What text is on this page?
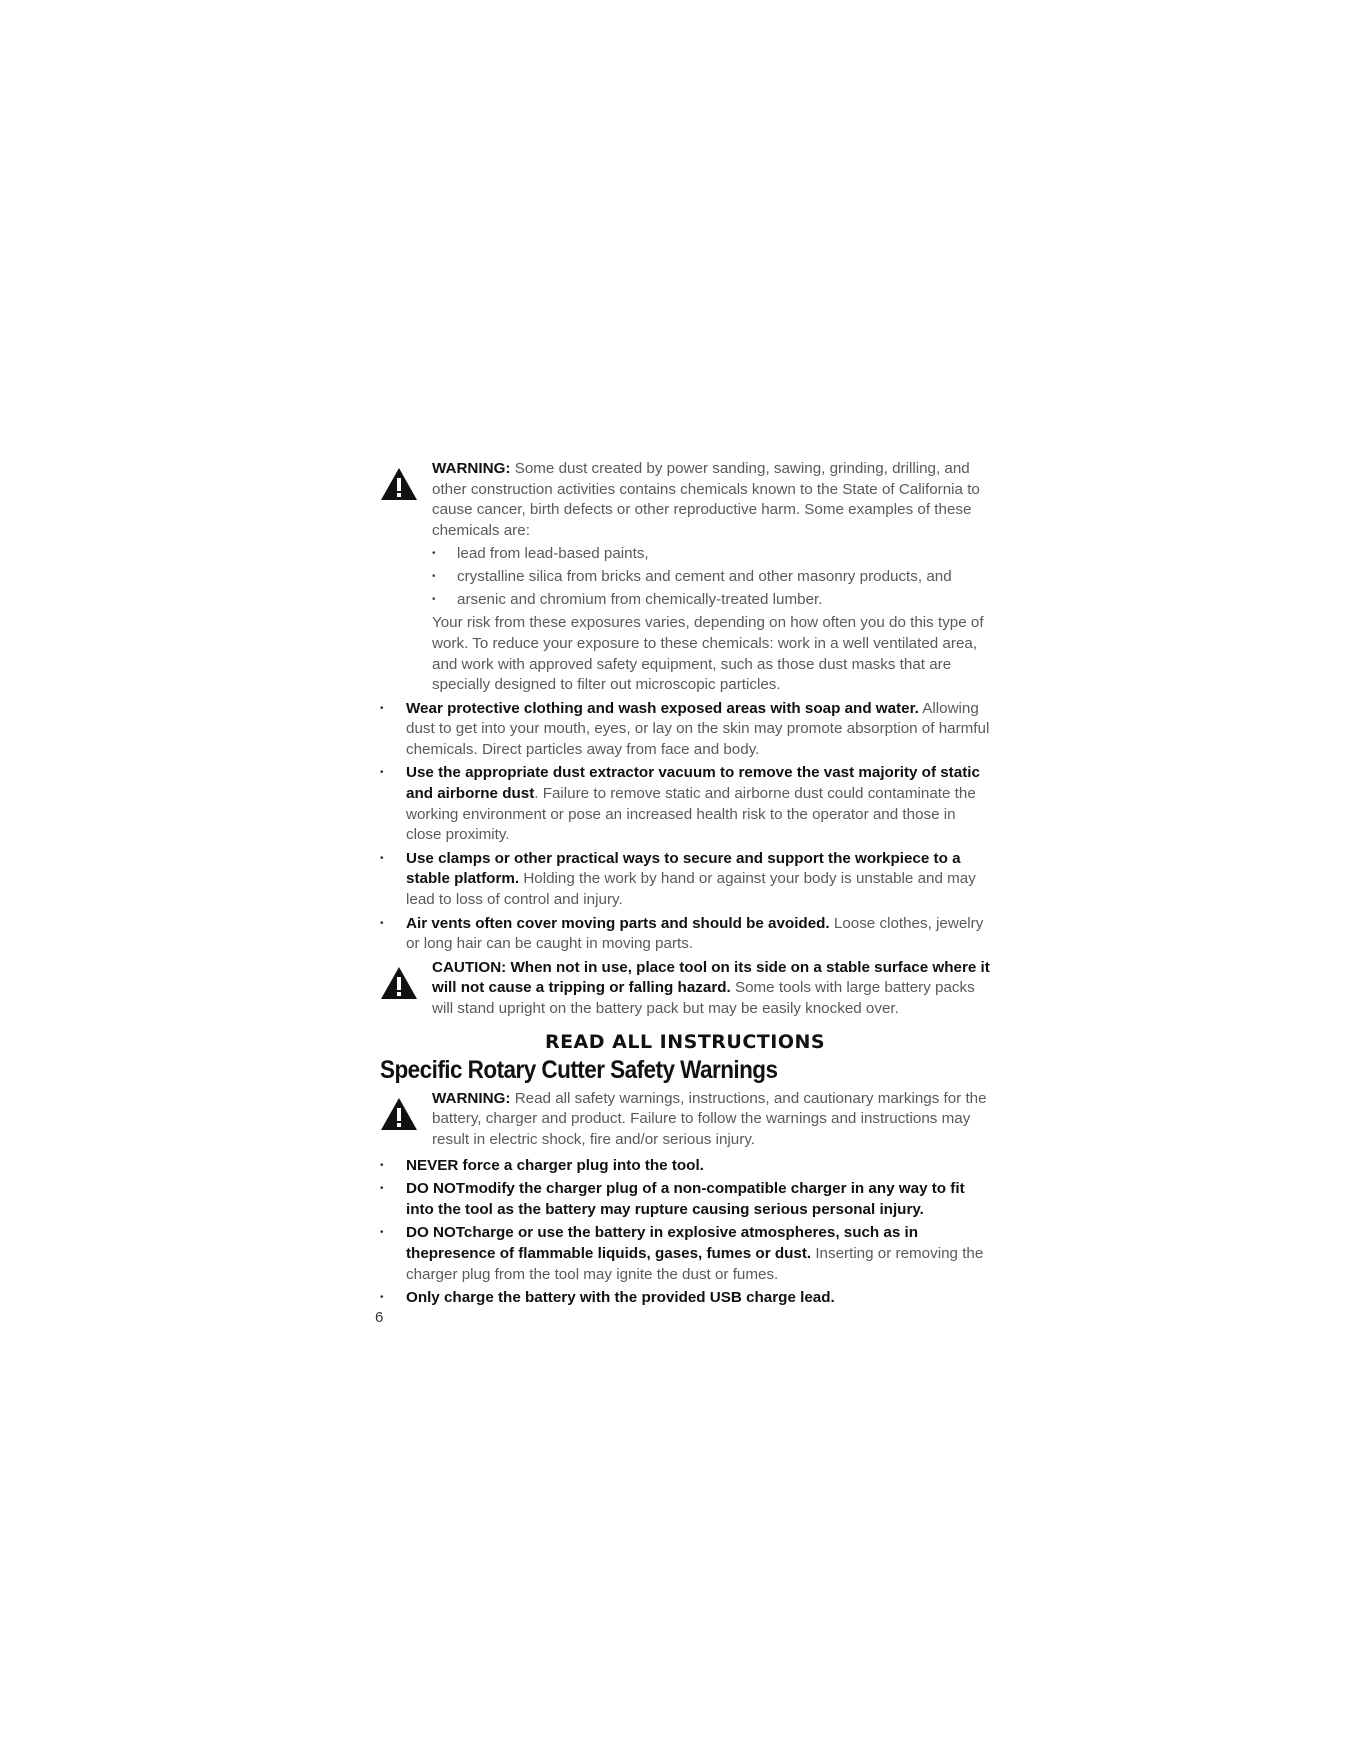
WARNING: Some dust created by power sanding, sawing, grinding, drilling, and other construction activities contains chemicals known to the State of California to cause cancer, birth defects or other reproductive harm. Some examples of these chemicals are:

• lead from lead-based paints,
• crystalline silica from bricks and cement and other masonry products, and
• arsenic and chromium from chemically-treated lumber.

Your risk from these exposures varies, depending on how often you do this type of work. To reduce your exposure to these chemicals: work in a well ventilated area, and work with approved safety equipment, such as those dust masks that are specially designed to filter out microscopic particles.

• Wear protective clothing and wash exposed areas with soap and water. Allowing dust to get into your mouth, eyes, or lay on the skin may promote absorption of harmful chemicals. Direct particles away from face and body.
• Use the appropriate dust extractor vacuum to remove the vast majority of static and airborne dust. Failure to remove static and airborne dust could contaminate the working environment or pose an increased health risk to the operator and those in close proximity.
• Use clamps or other practical ways to secure and support the workpiece to a stable platform. Holding the work by hand or against your body is unstable and may lead to loss of control and injury.
• Air vents often cover moving parts and should be avoided. Loose clothes, jewelry or long hair can be caught in moving parts.

CAUTION: When not in use, place tool on its side on a stable surface where it will not cause a tripping or falling hazard. Some tools with large battery packs will stand upright on the battery pack but may be easily knocked over.

READ ALL INSTRUCTIONS
Specific Rotary Cutter Safety Warnings

WARNING: Read all safety warnings, instructions, and cautionary markings for the battery, charger and product. Failure to follow the warnings and instructions may result in electric shock, fire and/or serious injury.

• NEVER force a charger plug into the tool.
• DO NOTmodify the charger plug of a non-compatible charger in any way to fit into the tool as the battery may rupture causing serious personal injury.
• DO NOTcharge or use the battery in explosive atmospheres, such as in thepresence of flammable liquids, gases, fumes or dust. Inserting or removing the charger plug from the tool may ignite the dust or fumes.
• Only charge the battery with the provided USB charge lead.
6
